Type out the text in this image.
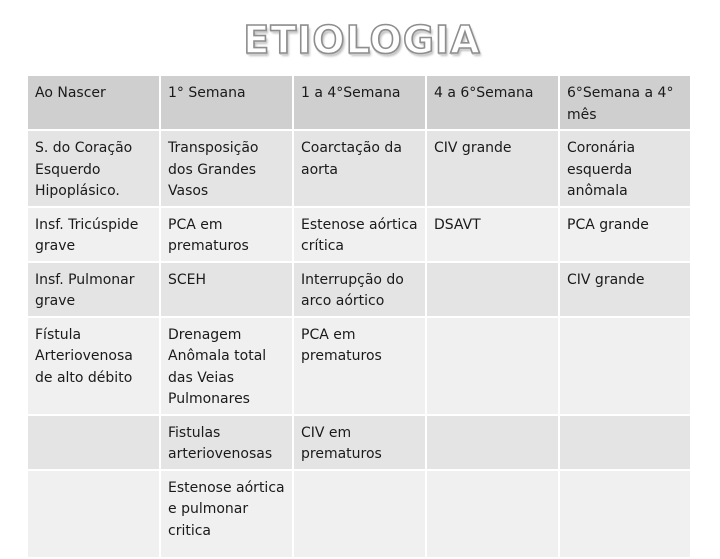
ETIOLOGIA
Ao Nascer	1° Semana	1 a 4°Semana	4 a 6°Semana	6°Semana a 4° mês
S. do Coração Esquerdo Hipoplásico.	Transposição dos Grandes Vasos	Coarctação da aorta	CIV grande	Coronária esquerda anômala
Insf. Tricúspide grave	PCA em prematuros	Estenose aórtica crítica	DSAVT	PCA grande
Insf. Pulmonar grave	SCEH	Interrupção do arco aórtico		CIV grande
Fístula Arteriovenosa de alto débito	Drenagem Anômala total das Veias Pulmonares	PCA em prematuros		
	Fistulas arteriovenosas	CIV em prematuros		
	Estenose aórtica e pulmonar critica			
